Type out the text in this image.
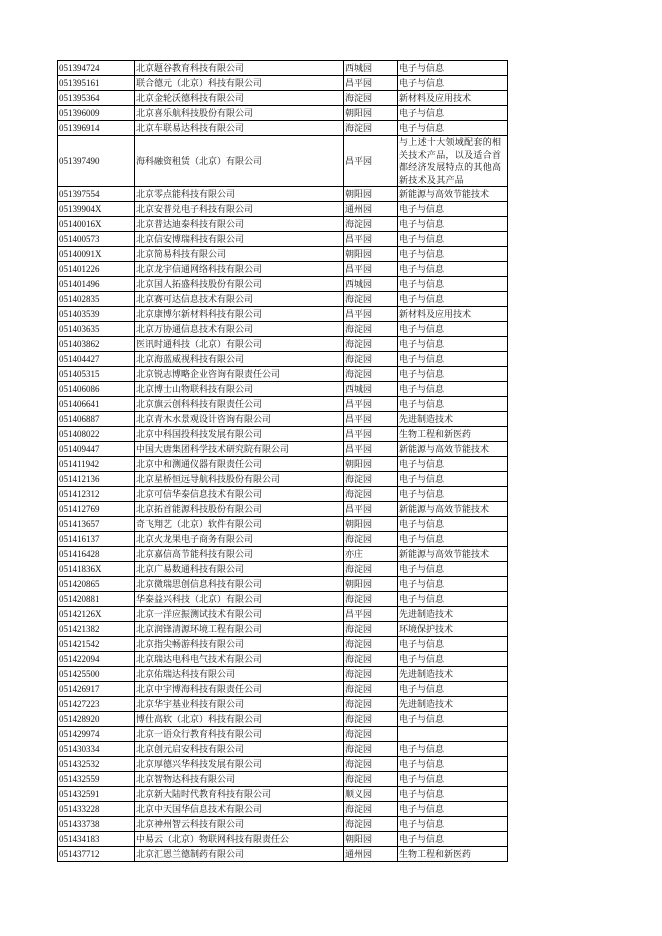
051394724	北京题谷教育科技有限公司	西城园	电子与信息
051395161	联合德元（北京）科技有限公司	昌平园	电子与信息
051395364	北京金轮沃德科技有限公司	海淀园	新材料及应用技术
051396009	北京喜乐航科技股份有限公司	朝阳园	电子与信息
051396914	北京车联易达科技有限公司	海淀园	电子与信息
051397490	海科融资租赁（北京）有限公司	昌平园	与上述十大领域配套的相关技术产品，以及适合首都经济发展特点的其他高新技术及其产品
051397554	北京零点能科技有限公司	朝阳园	新能源与高效节能技术
05139904X	北京安普兑电子科技有限公司	通州园	电子与信息
05140016X	北京普达迪泰科技有限公司	海淀园	电子与信息
051400573	北京信安博瑞科技有限公司	昌平园	电子与信息
05140091X	北京简易科技有限公司	朝阳园	电子与信息
051401226	北京龙宇信通网络科技有限公司	昌平园	电子与信息
051401496	北京国人拓盛科技股份有限公司	西城园	电子与信息
051402835	北京赛可达信息技术有限公司	海淀园	电子与信息
051403539	北京康博尔新材料科技有限公司	昌平园	新材料及应用技术
051403635	北京万协通信息技术有限公司	海淀园	电子与信息
051403862	医讯时通科技（北京）有限公司	海淀园	电子与信息
051404427	北京海蓝威视科技有限公司	海淀园	电子与信息
051405315	北京锐志博略企业咨询有限责任公司	海淀园	电子与信息
051406086	北京博士山物联科技有限公司	西城园	电子与信息
051406641	北京旗云创科科技有限责任公司	昌平园	电子与信息
051406887	北京青木水景观设计咨询有限公司	昌平园	先进制造技术
051408022	北京中科国投科技发展有限公司	昌平园	生物工程和新医药
051409447	中国大唐集团科学技术研究院有限公司	昌平园	新能源与高效节能技术
051411942	北京中和测通仪器有限责任公司	朝阳园	电子与信息
051412136	北京星桥恒远导航科技股份有限公司	海淀园	电子与信息
051412312	北京可信华泰信息技术有限公司	海淀园	电子与信息
051412769	北京拓首能源科技股份有限公司	昌平园	新能源与高效节能技术
051413657	奇飞翔艺（北京）软件有限公司	朝阳园	电子与信息
051416137	北京火龙果电子商务有限公司	海淀园	电子与信息
051416428	北京嘉信高节能科技有限公司	亦庄	新能源与高效节能技术
05141836X	北京广易数通科技有限公司	海淀园	电子与信息
051420865	北京微瑞思创信息科技有限公司	朝阳园	电子与信息
051420881	华泰益兴科技（北京）有限公司	海淀园	电子与信息
05142126X	北京一洋应振测试技术有限公司	昌平园	先进制造技术
051421382	北京润锋清源环境工程有限公司	海淀园	环境保护技术
051421542	北京指尖畅游科技有限公司	海淀园	电子与信息
051422094	北京瑞达电科电气技术有限公司	海淀园	电子与信息
051425500	北京佑瑞达科技有限公司	海淀园	先进制造技术
051426917	北京中宇博海科技有限责任公司	海淀园	电子与信息
051427223	北京华宇基业科技有限公司	海淀园	先进制造技术
051428920	博仕高软（北京）科技有限公司	海淀园	电子与信息
051429974	北京一语众行教育科技有限公司	海淀园	
051430334	北京创元启安科技有限公司	海淀园	电子与信息
051432532	北京厚德兴华科技发展有限公司	海淀园	电子与信息
051432559	北京智物达科技有限公司	海淀园	电子与信息
051432591	北京新大陆时代教育科技有限公司	顺义园	电子与信息
051433228	北京中天国华信息技术有限公司	海淀园	电子与信息
051433738	北京神州智云科技有限公司	海淀园	电子与信息
051434183	中易云（北京）物联网科技有限责任公	朝阳园	电子与信息
051437712	北京汇恩兰德制药有限公司	通州园	生物工程和新医药
